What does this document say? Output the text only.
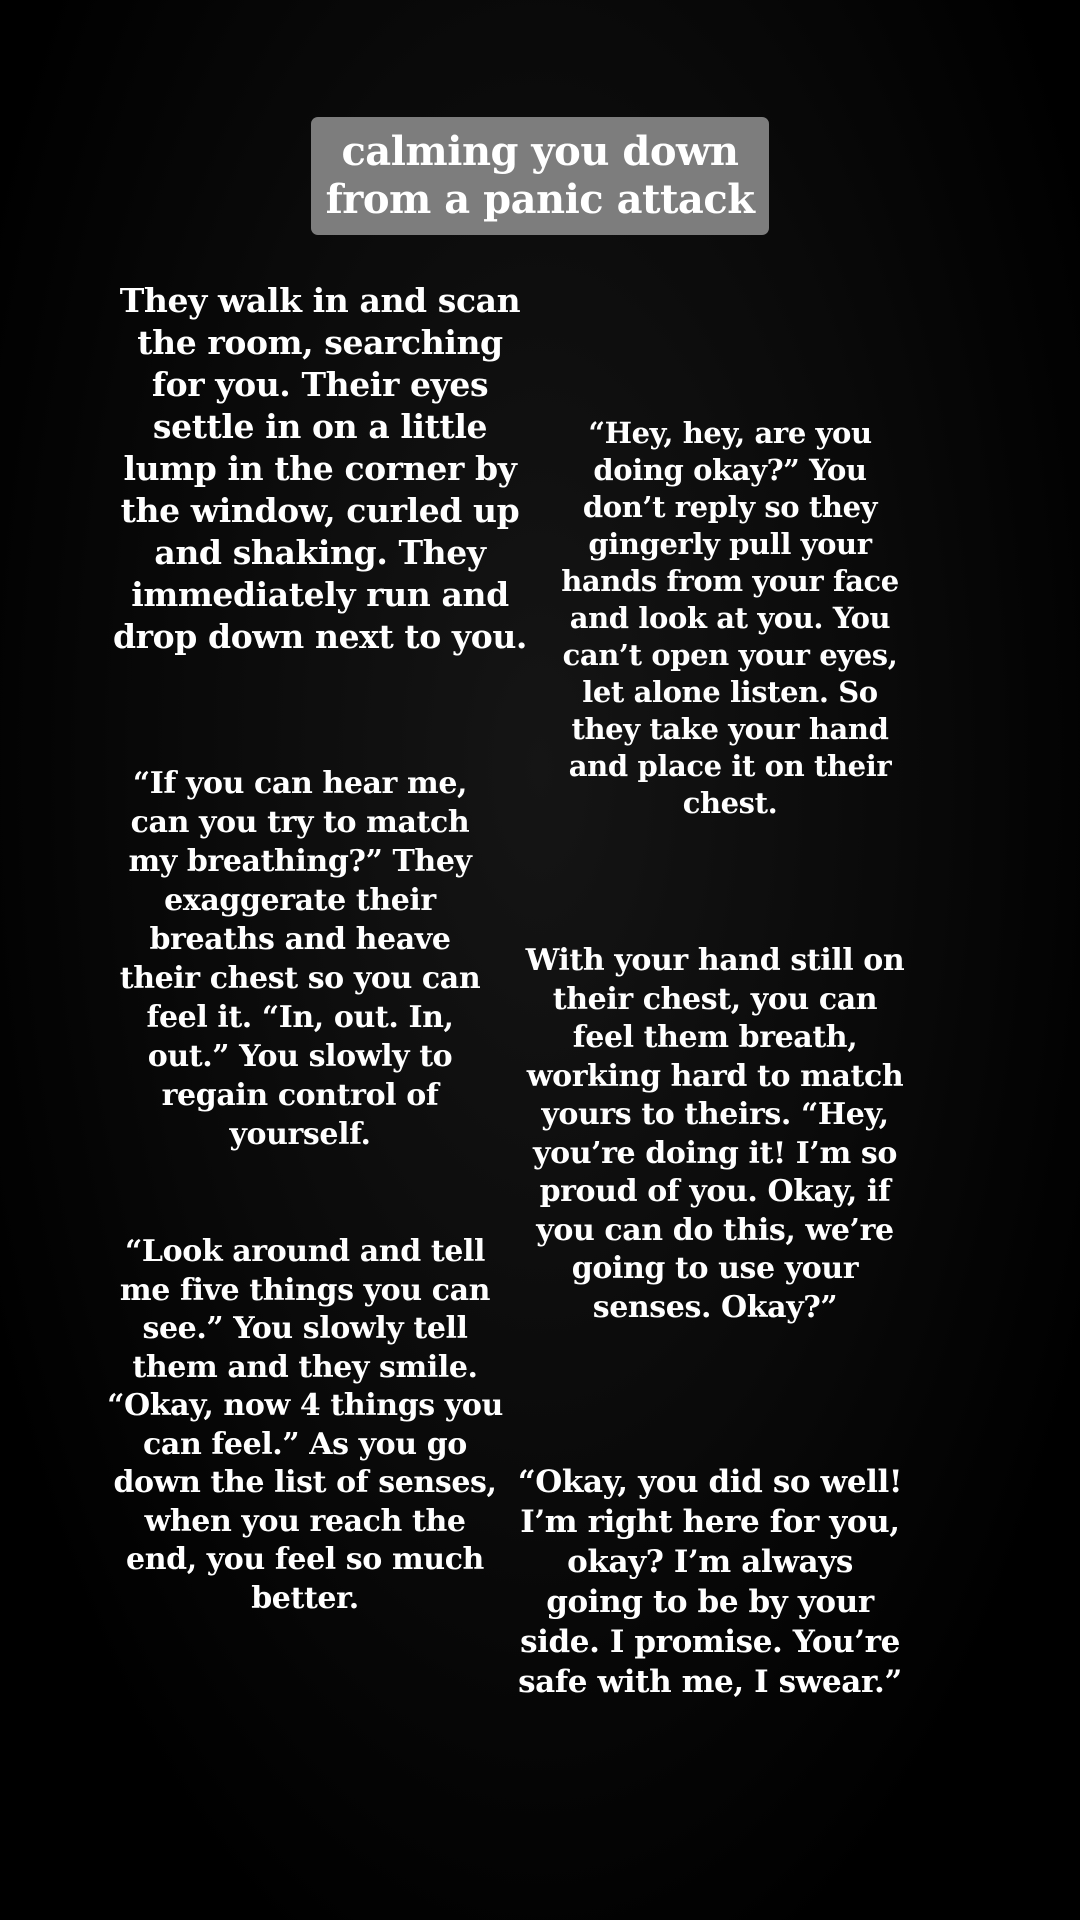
calming you down
from a panic attack
They walk in and scan the room, searching for you. Their eyes settle in on a little lump in the corner by the window, curled up and shaking. They immediately run and drop down next to you.
“Hey, hey, are you doing okay?” You don’t reply so they gingerly pull your hands from your face and look at you. You can’t open your eyes, let alone listen. So they take your hand and place it on their chest.
“If you can hear me, can you try to match my breathing?” They exaggerate their breaths and heave their chest so you can feel it. “In, out. In, out.” You slowly to regain control of yourself.
With your hand still on their chest, you can feel them breath, working hard to match yours to theirs. “Hey, you’re doing it! I’m so proud of you. Okay, if you can do this, we’re going to use your senses. Okay?”
“Look around and tell me five things you can see.” You slowly tell them and they smile. “Okay, now 4 things you can feel.” As you go down the list of senses, when you reach the end, you feel so much better.
“Okay, you did so well! I’m right here for you, okay? I’m always going to be by your side. I promise. You’re safe with me, I swear.”
